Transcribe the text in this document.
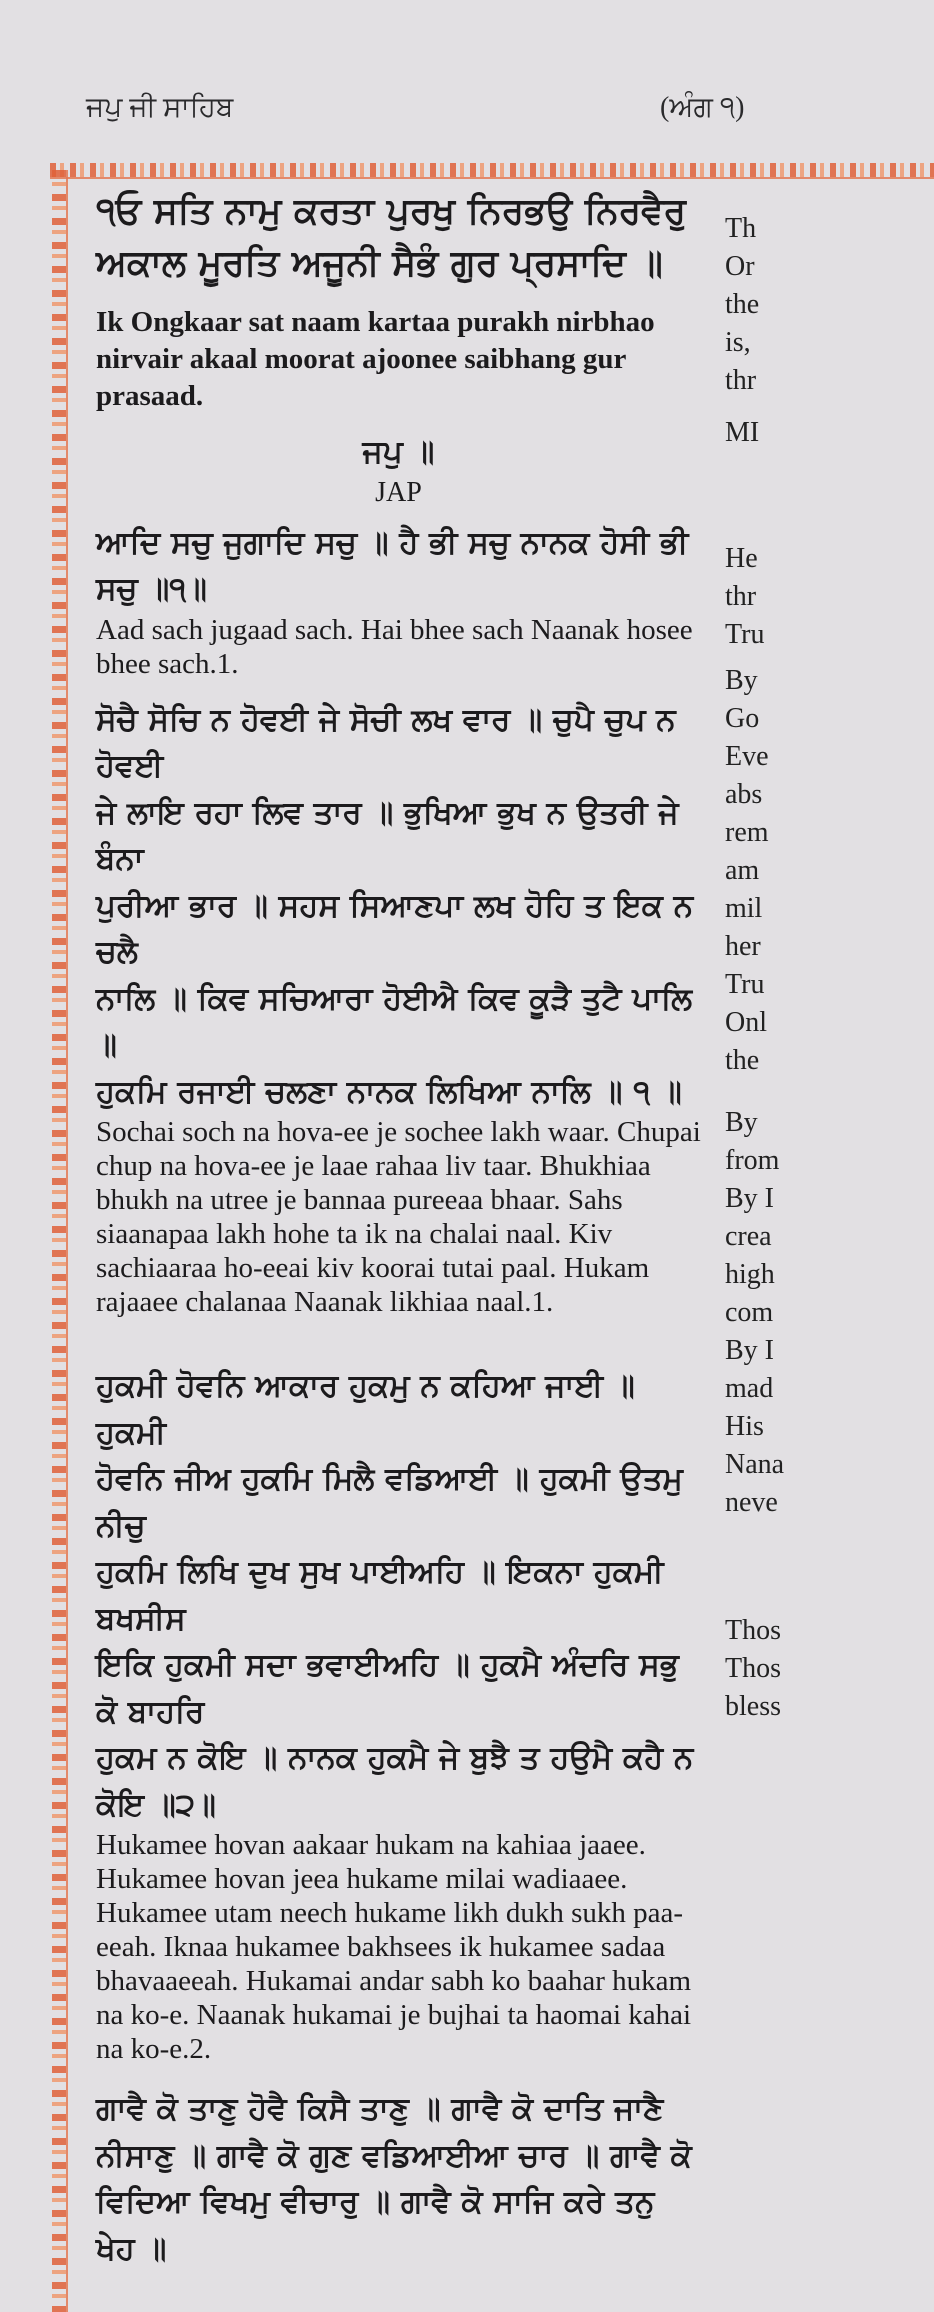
ਜਪੁ ਜੀ ਸਾਹਿਬ	(ਅੰਗ ੧)
੧ਓ ਸਤਿ ਨਾਮੁ ਕਰਤਾ ਪੁਰਖੁ ਨਿਰਭਉ ਨਿਰਵੈਰੁ
ਅਕਾਲ ਮੂਰਤਿ ਅਜੂਨੀ ਸੈਭੰ ਗੁਰ ਪ੍ਰਸਾਦਿ ॥
Ik Ongkaar sat naam kartaa purakh nirbhao
nirvair akaal moorat ajoonee saibhang gur
prasaad.
ਜਪੁ ॥
JAP
ਆਦਿ ਸਚੁ ਜੁਗਾਦਿ ਸਚੁ ॥ ਹੈ ਭੀ ਸਚੁ ਨਾਨਕ ਹੋਸੀ ਭੀ ਸਚੁ ॥੧॥
Aad sach jugaad sach. Hai bhee sach Naanak hosee
bhee sach.1.
ਸੋਚੈ ਸੋਚਿ ਨ ਹੋਵਈ ਜੇ ਸੋਚੀ ਲਖ ਵਾਰ ॥ ਚੁਪੈ ਚੁਪ ਨ ਹੋਵਈ
ਜੇ ਲਾਇ ਰਹਾ ਲਿਵ ਤਾਰ ॥ ਭੁਖਿਆ ਭੁਖ ਨ ਉਤਰੀ ਜੇ ਬੰਨਾ
ਪੁਰੀਆ ਭਾਰ ॥ ਸਹਸ ਸਿਆਣਪਾ ਲਖ ਹੋਹਿ ਤ ਇਕ ਨ ਚਲੈ
ਨਾਲਿ ॥ ਕਿਵ ਸਚਿਆਰਾ ਹੋਈਐ ਕਿਵ ਕੂੜੈ ਤੁਟੈ ਪਾਲਿ ॥
ਹੁਕਮਿ ਰਜਾਈ ਚਲਣਾ ਨਾਨਕ ਲਿਖਿਆ ਨਾਲਿ ॥ ੧ ॥
Sochai soch na hova-ee je sochee lakh waar. Chupai
chup na hova-ee je laae rahaa liv taar. Bhukhiaa
bhukh na utree je bannaa pureeaa bhaar. Sahs
siaanapaa lakh hohe ta ik na chalai naal. Kiv
sachiaaraa ho-eeai kiv koorai tutai paal. Hukam
rajaaee chalanaa Naanak likhiaa naal.1.
ਹੁਕਮੀ ਹੋਵਨਿ ਆਕਾਰ ਹੁਕਮੁ ਨ ਕਹਿਆ ਜਾਈ ॥ ਹੁਕਮੀ
ਹੋਵਨਿ ਜੀਅ ਹੁਕਮਿ ਮਿਲੈ ਵਡਿਆਈ ॥ ਹੁਕਮੀ ਉਤਮੁ ਨੀਚੁ
ਹੁਕਮਿ ਲਿਖਿ ਦੁਖ ਸੁਖ ਪਾਈਅਹਿ ॥ ਇਕਨਾ ਹੁਕਮੀ ਬਖਸੀਸ
ਇਕਿ ਹੁਕਮੀ ਸਦਾ ਭਵਾਈਅਹਿ ॥ ਹੁਕਮੈ ਅੰਦਰਿ ਸਭੁ ਕੋ ਬਾਹਰਿ
ਹੁਕਮ ਨ ਕੋਇ ॥ ਨਾਨਕ ਹੁਕਮੈ ਜੇ ਬੁਝੈ ਤ ਹਉਮੈ ਕਹੈ ਨ ਕੋਇ ॥੨॥
Hukamee hovan aakaar hukam na kahiaa jaaee.
Hukamee hovan jeea hukame milai wadiaaee.
Hukamee utam neech hukame likh dukh sukh paa-
eeah. Iknaa hukamee bakhsees ik hukamee sadaa
bhavaaeeah. Hukamai andar sabh ko baahar hukam
na ko-e. Naanak hukamai je bujhai ta haomai kahai
na ko-e.2.
ਗਾਵੈ ਕੋ ਤਾਣੁ ਹੋਵੈ ਕਿਸੈ ਤਾਣੁ ॥ ਗਾਵੈ ਕੋ ਦਾਤਿ ਜਾਣੈ
ਨੀਸਾਣੁ ॥ ਗਾਵੈ ਕੋ ਗੁਣ ਵਡਿਆਈਆ ਚਾਰ ॥ ਗਾਵੈ ਕੋ
ਵਿਦਿਆ ਵਿਖਮੁ ਵੀਚਾਰੁ ॥ ਗਾਵੈ ਕੋ ਸਾਜਿ ਕਰੇ ਤਨੁ ਖੇਹ ॥
Th
Or
the
is,
thr
MI
He
thr
Tru
By
Go
Eve
abs
rem
am
mil
her
Tru
Onl
the
By
from
By I
crea
high
com
By I
mad
His
Nana
neve
Thos
Thos
bless
